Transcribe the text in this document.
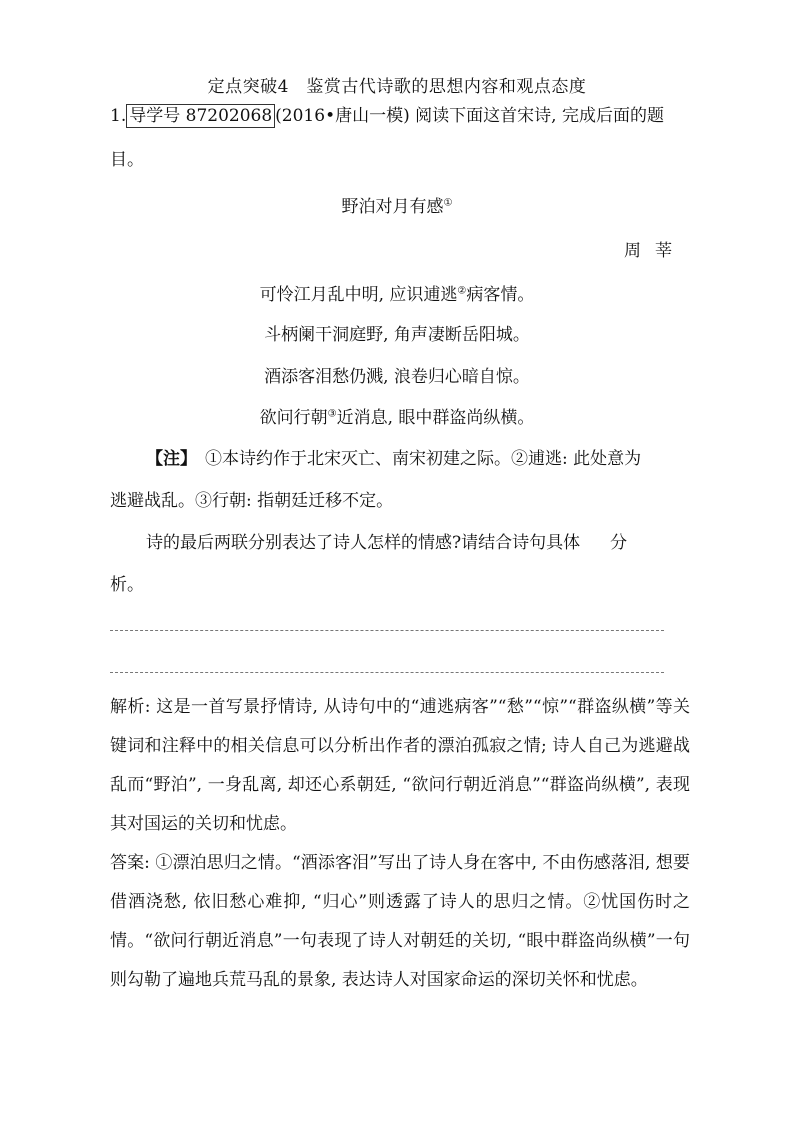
定点突破4　鉴赏古代诗歌的思想内容和观点态度
1. 导学号 87202068 (2016•唐山一模) 阅读下面这首宋诗, 完成后面的题
目。
野泊对月有感①
周莘
可怜江月乱中明, 应识逋逃②病客情。
斗柄阑干洞庭野, 角声凄断岳阳城。
酒添客泪愁仍溅, 浪卷归心暗自惊。
欲问行朝③近消息, 眼中群盗尚纵横。
【注】 ①本诗约作于北宋灭亡、南宋初建之际。②逋逃: 此处意为
逃避战乱。③行朝: 指朝廷迁移不定。
诗的最后两联分别表达了诗人怎样的情感?请结合诗句具体 分
析。

解析: 这是一首写景抒情诗, 从诗句中的“逋逃病客”“愁”“惊”“群盗纵横”等关键词和注释中的相关信息可以分析出作者的漂泊孤寂之情; 诗人自己为逃避战乱而“野泊”, 一身乱离, 却还心系朝廷, “欲问行朝近消息”“群盗尚纵横”, 表现其对国运的关切和忧虑。

答案: ①漂泊思归之情。“酒添客泪”写出了诗人身在客中, 不由伤感落泪, 想要借酒浇愁, 依旧愁心难抑, “归心”则透露了诗人的思归之情。②忧国伤时之情。“欲问行朝近消息”一句表现了诗人对朝廷的关切, “眼中群盗尚纵横”一句则勾勒了遍地兵荒马乱的景象, 表达诗人对国家命运的深切关怀和忧虑。
